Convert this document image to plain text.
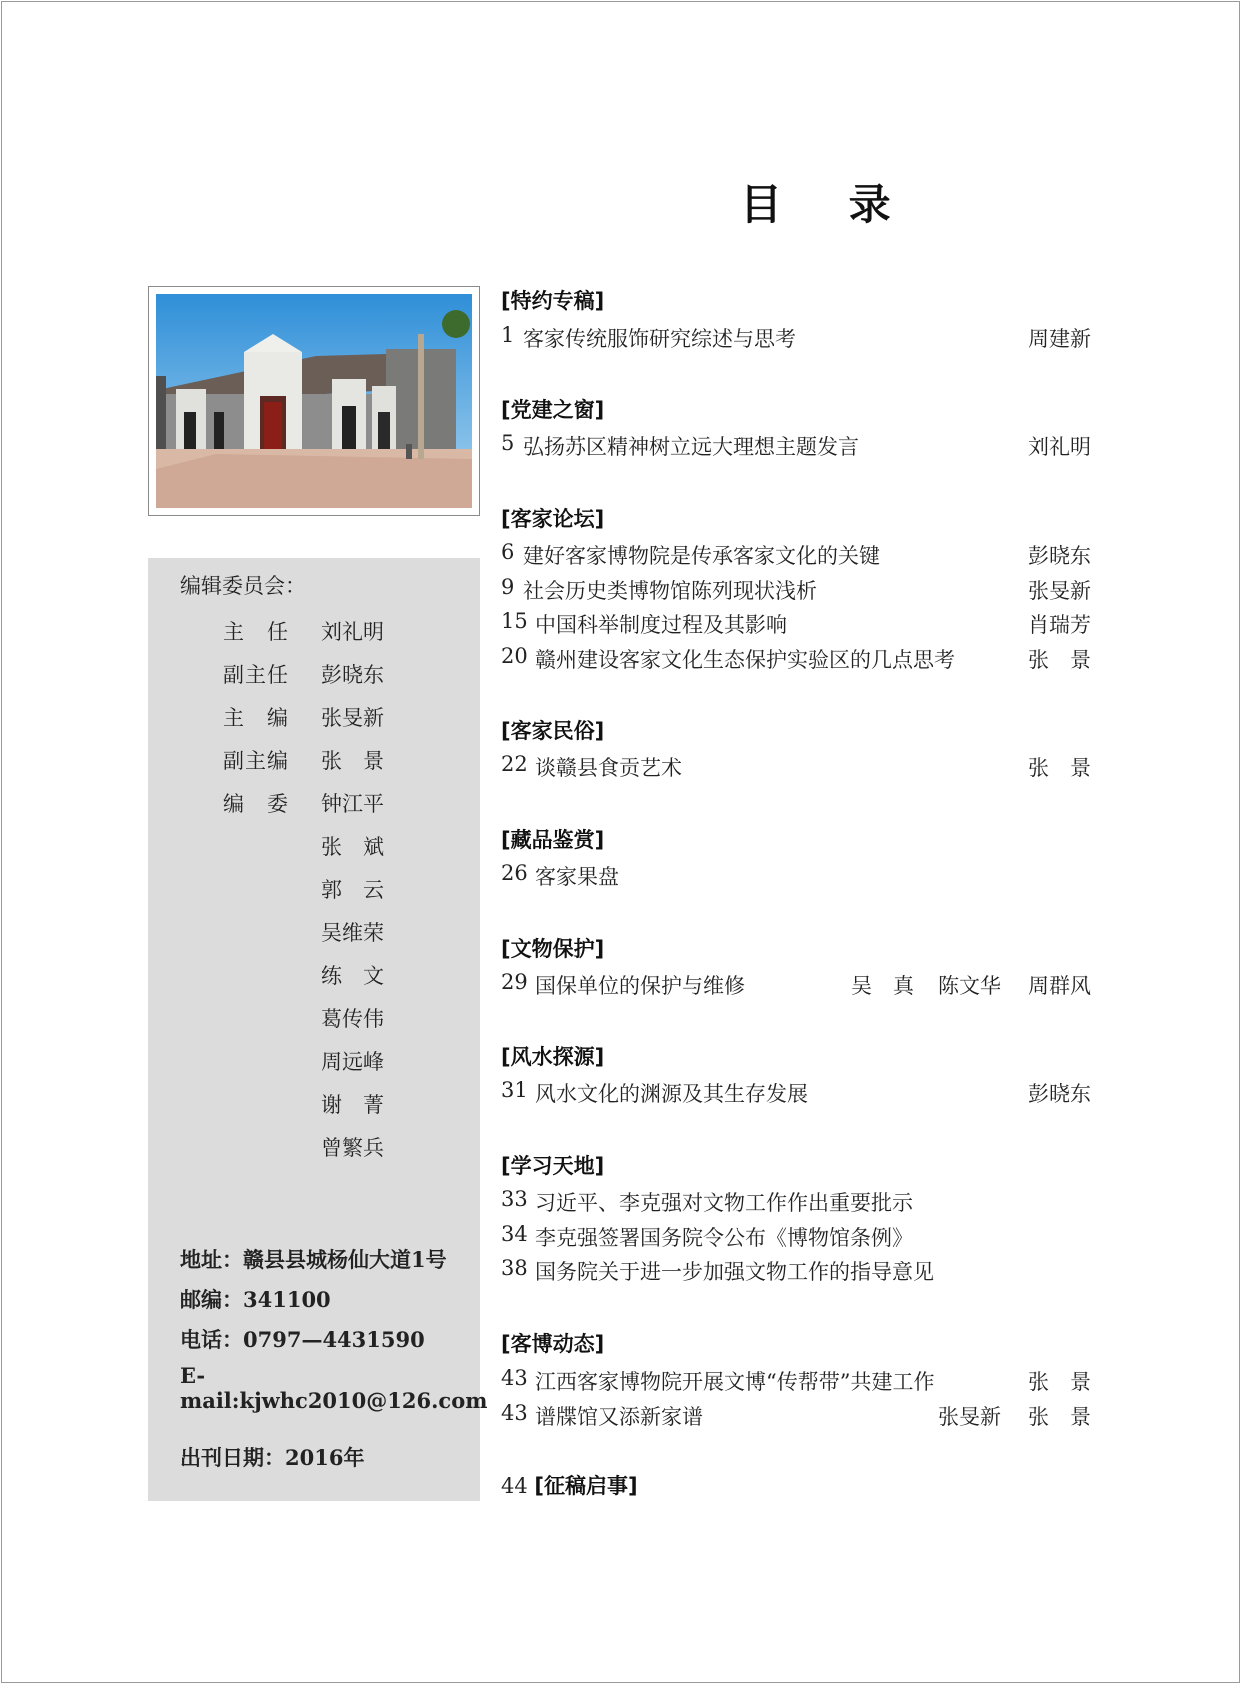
目 录
编辑委员会：
主　任 刘礼明
副主任 彭晓东
主　编 张旻新
副主编 张　景
编　委 钟江平
张　斌
郭　云
吴维荣
练　文
葛传伟
周远峰
谢　菁
曾繁兵
地址：赣县县城杨仙大道1号
邮编：341100
电话：0797—4431590
E-mail:kjwhc2010@126.com
出刊日期：2016年
[特约专稿]
1 客家传统服饰研究综述与思考	周建新
[党建之窗]
5 弘扬苏区精神树立远大理想主题发言	刘礼明
[客家论坛]
6 建好客家博物院是传承客家文化的关键	彭晓东
9 社会历史类博物馆陈列现状浅析	张旻新
15 中国科举制度过程及其影响	肖瑞芳
20 赣州建设客家文化生态保护实验区的几点思考	张　景
[客家民俗]
22 谈赣县食贡艺术	张　景
[藏品鉴赏]
26 客家果盘
[文物保护]
29 国保单位的保护与维修	吴　真 陈文华 周群风
[风水探源]
31 风水文化的渊源及其生存发展	彭晓东
[学习天地]
33 习近平、李克强对文物工作作出重要批示
34 李克强签署国务院令公布《博物馆条例》
38 国务院关于进一步加强文物工作的指导意见
[客博动态]
43 江西客家博物院开展文博“传帮带”共建工作	张　景
43 谱牒馆又添新家谱	张旻新 张　景
44 [征稿启事]
